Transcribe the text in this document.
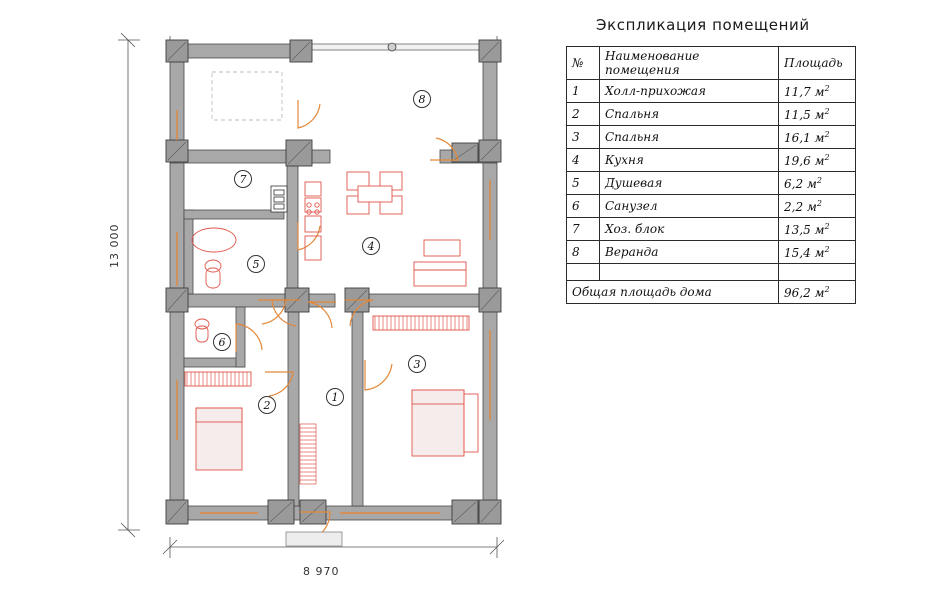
1
2
3
4
5
6
7
8
13 000
8 970
Экспликация помещений
№	Наименование помещения	Площадь
1	Холл-прихожая	11,7 $м^2$
2	Спальня	11,5 $м^2$
3	Спальня	16,1 $м^2$
4	Кухня	19,6 $м^2$
5	Душевая	6,2 $м^2$
6	Санузел	2,2 $м^2$
7	Хоз. блок	13,5 $м^2$
8	Веранда	15,4 $м^2$

Общая площадь дома		96,2 $м^2$
